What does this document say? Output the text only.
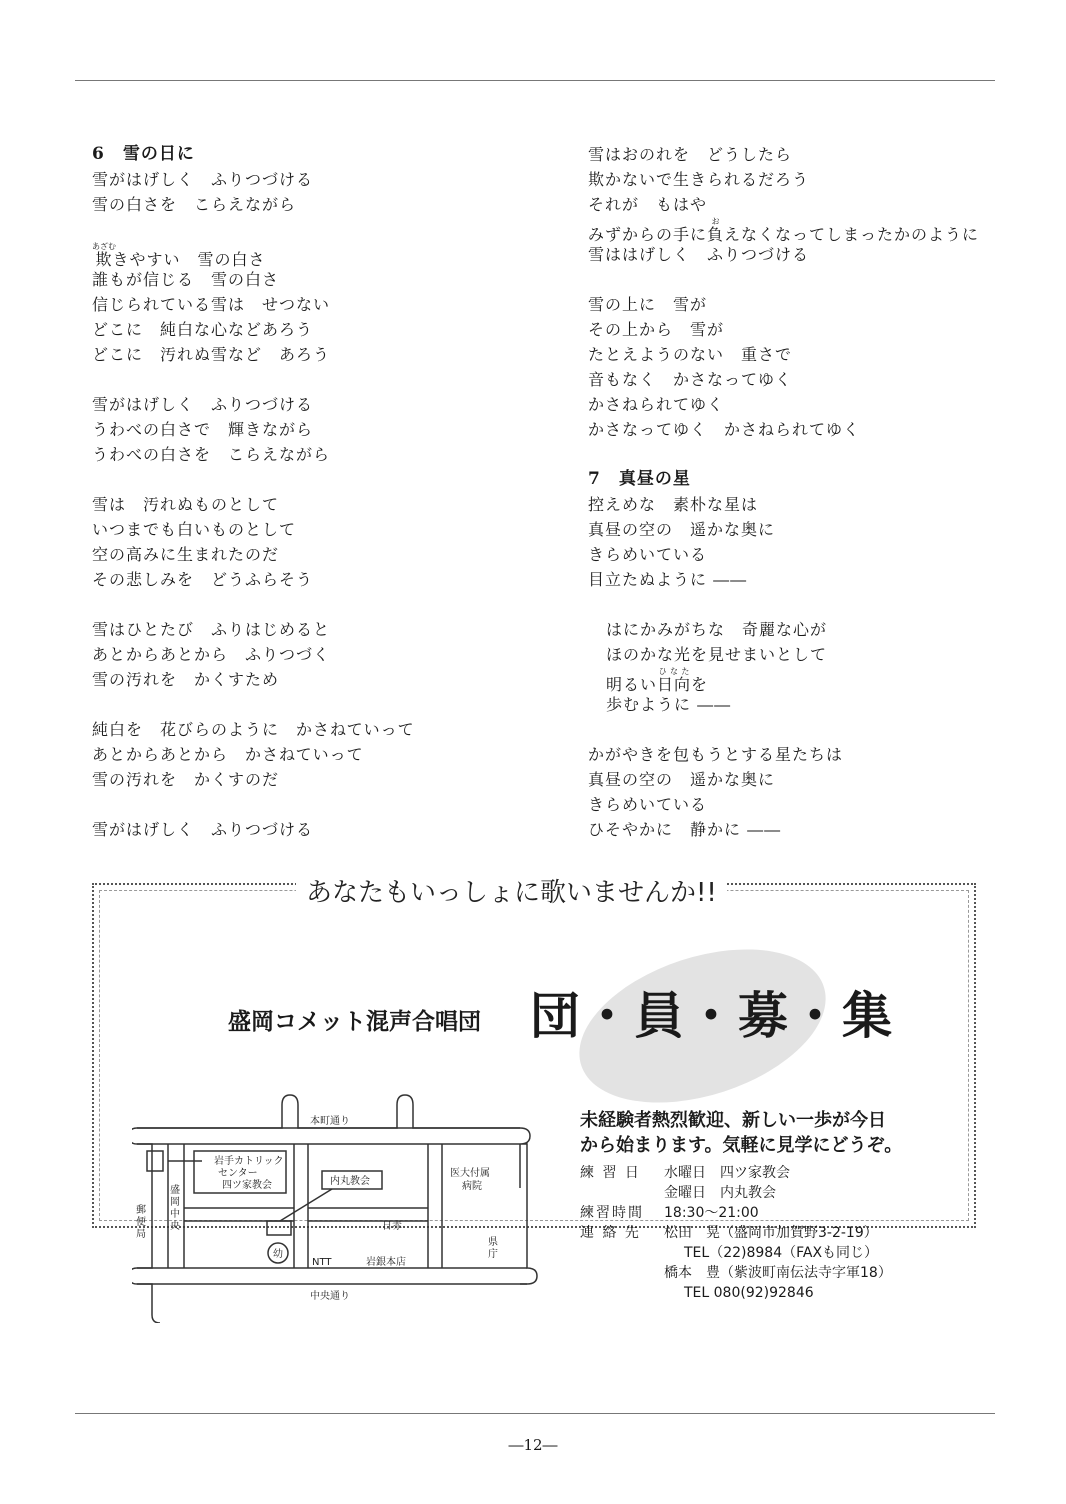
6　雪の日に
雪がはげしく　ふりつづける
雪の白さを　こらえながら
欺あざむきやすい　雪の白さ
誰もが信じる　雪の白さ
信じられている雪は　せつない
どこに　純白な心などあろう
どこに　汚れぬ雪など　あろう
雪がはげしく　ふりつづける
うわべの白さで　輝きながら
うわべの白さを　こらえながら
雪は　汚れぬものとして
いつまでも白いものとして
空の高みに生まれたのだ
その悲しみを　どうふらそう
雪はひとたび　ふりはじめると
あとからあとから　ふりつづく
雪の汚れを　かくすため
純白を　花びらのように　かさねていって
あとからあとから　かさねていって
雪の汚れを　かくすのだ
雪がはげしく　ふりつづける
雪はおのれを　どうしたら
欺かないで生きられるだろう
それが　もはや
みずからの手に負おえなくなってしまったかのように
雪ははげしく　ふりつづける
雪の上に　雪が
その上から　雪が
たとえようのない　重さで
音もなく　かさなってゆく
かさねられてゆく
かさなってゆく　かさねられてゆく
7　真昼の星
控えめな　素朴な星は
真昼の空の　遥かな奥に
きらめいている
目立たぬように ――
はにかみがちな　奇麗な心が
ほのかな光を見せまいとして
明るい日向ひなたを
歩むように ――
かがやきを包もうとする星たちは
真昼の空の　遥かな奥に
きらめいている
ひそやかに　静かに ――
あなたもいっしょに歌いませんか!!
盛岡コメット混声合唱団 団・員・募・集
未経験者熱烈歓迎、新しい一歩が今日
から始まります。気軽に見学にどうぞ。
練 習 日 水曜日　四ツ家教会
金曜日　内丸教会
練習時間 18:30～21:00
連 絡 先 松田　晃（盛岡市加賀野3-2-19）
TEL（22)8984（FAXも同じ）
橋本　豊（紫波町南伝法寺字軍18）
TEL 080(92)92846
本町通り
中央通り
岩手カトリック
センター
四ツ家教会	内丸教会
医大付属
病院
日赤
NTT	岩銀本店
幼
郵
便
局
盛
岡
中
央
県
庁
―12―
